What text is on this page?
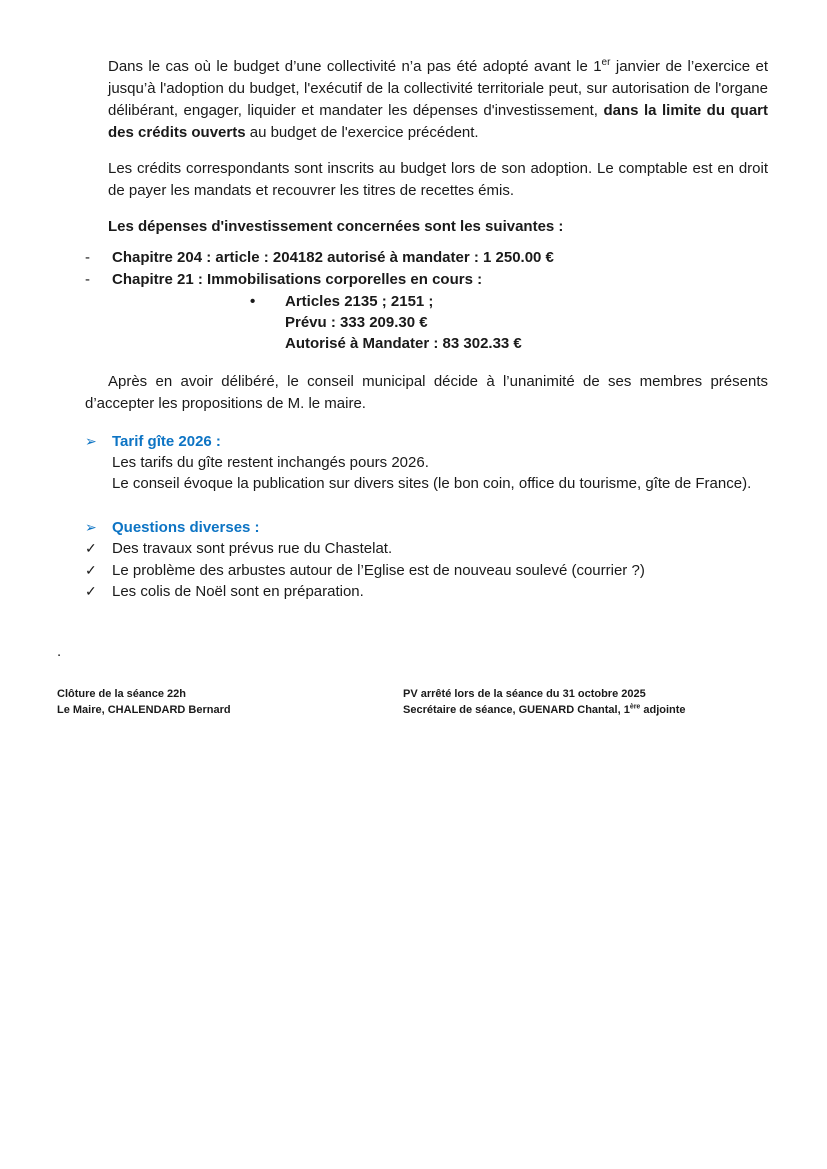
Dans le cas où le budget d’une collectivité n’a pas été adopté avant le 1er janvier de l’exercice et jusqu’à l'adoption du budget, l'exécutif de la collectivité territoriale peut, sur autorisation de l'organe délibérant, engager, liquider et mandater les dépenses d'investissement, dans la limite du quart des crédits ouverts au budget de l'exercice précédent.

Les crédits correspondants sont inscrits au budget lors de son adoption. Le comptable est en droit de payer les mandats et recouvrer les titres de recettes émis.

Les dépenses d'investissement concernées sont les suivantes :
-	Chapitre 204 : article : 204182 autorisé à mandater : 1 250.00 €
-	Chapitre 21 : Immobilisations corporelles en cours :
•	Articles 2135 ; 2151 ;
Prévu : 333 209.30 €
Autorisé à Mandater : 83 302.33 €

Après en avoir délibéré, le conseil municipal décide à l’unanimité de ses membres présents d’accepter les propositions de M. le maire.

➢	Tarif gîte 2026 :
Les tarifs du gîte restent inchangés pours 2026.
Le conseil évoque la publication sur divers sites (le bon coin, office du tourisme, gîte de France).
➢	Questions diverses :
✓	Des travaux sont prévus rue du Chastelat.
✓	Le problème des arbustes autour de l’Eglise est de nouveau soulevé (courrier ?)
✓	Les colis de Noël sont en préparation.
.
Clôture de la séance 22h
Le Maire, CHALENDARD Bernard
PV arrêté lors de la séance du 31 octobre 2025
Secrétaire de séance, GUENARD Chantal, 1ère adjointe
